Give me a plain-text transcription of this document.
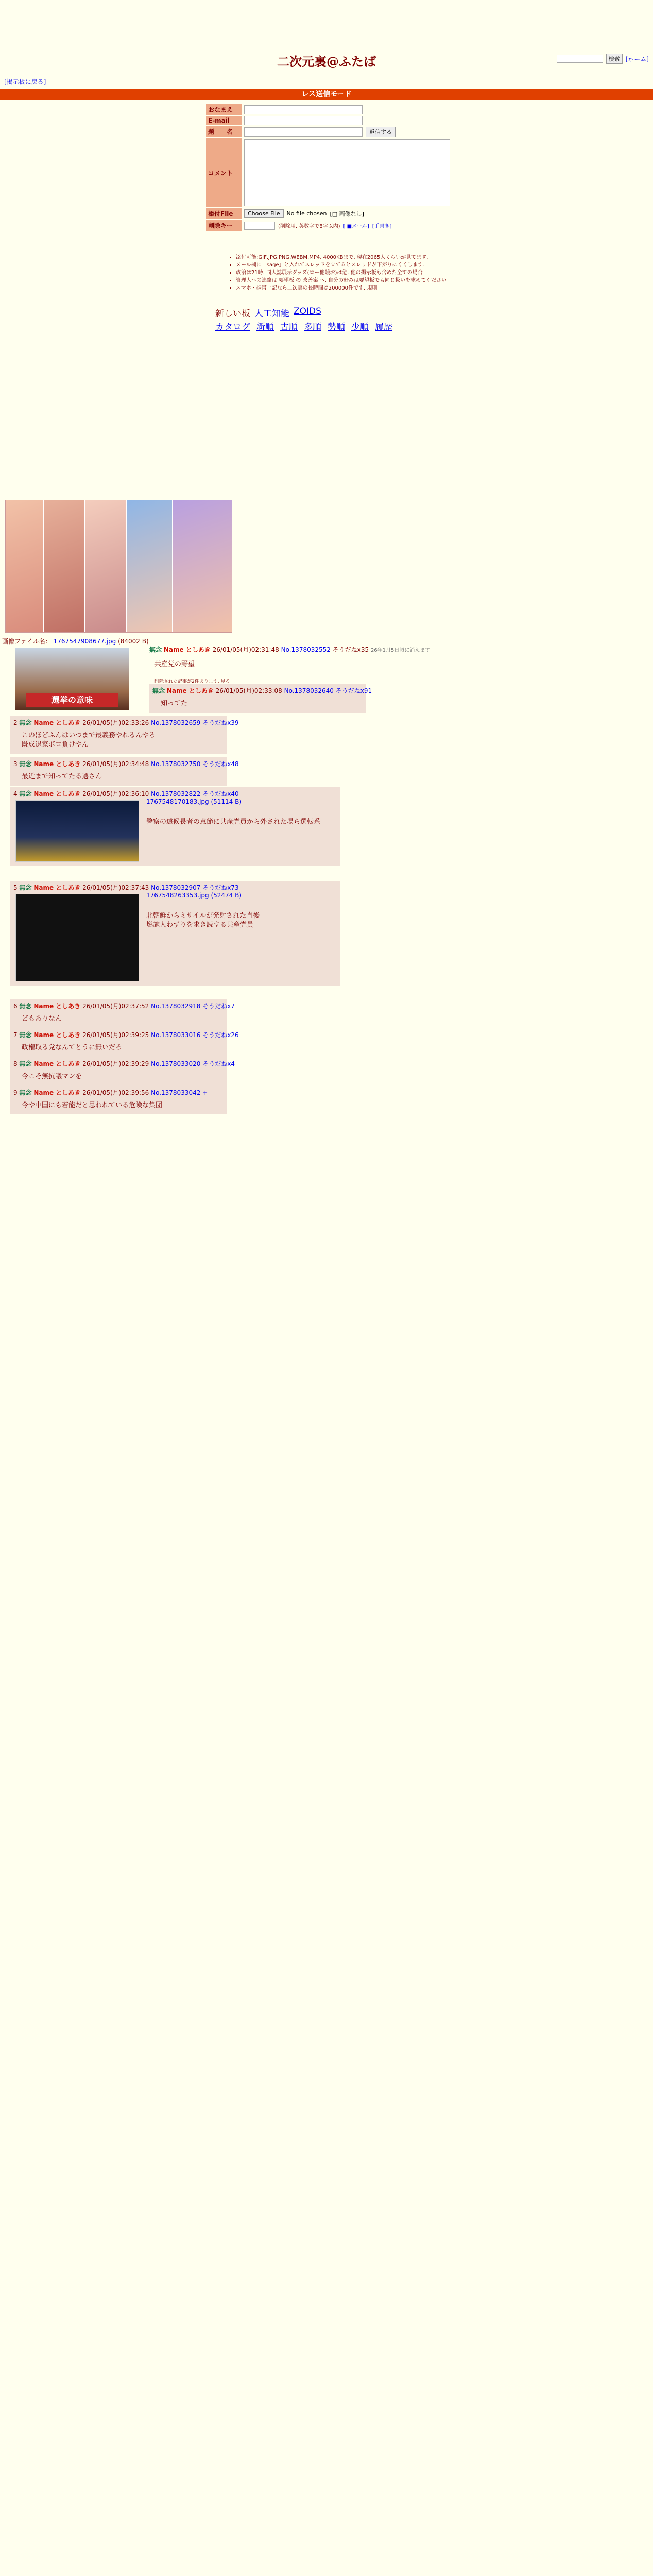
二次元裏@ふたば	検索 [ホーム]
[掲示板に戻る]
レス送信モード
おなまえ
E-mail
題　　名	返信する
コメント
添付File	Choose File	No file chosen [□ 画像なし]
削除キー	(削除用. 英数字で8字以内) [ ■メール] [手書き]
• 添付可能:GIF,JPG,PNG,WEBM,MP4. 4000KBまで. 現在2065人くらいが見てます.
• メール欄に「sage」と入れてスレッドを立てるとスレッドが下がりにくくします.
• 政治は21時. 同人誌展示グッズ(ロー他競お)は危. 他の掲示板も含めた全ての場合
• 管理人への連絡は 要望板 の 改善案 へ. 自分の好みは要望板でも同じ扱いを求めてください
• スマホ・携帯上記なら二次裏の長時間は200000件です. 規則
新しい板 人工知能 ZOIDS
カタログ 新順 古順 多順 勢順 少順 履歴
画像ファイル名： 1767547908677.jpg (84002 B)
選挙の意味
無念 Name としあき 26/01/05(月)02:31:48 No.1378032552 そうだねx35 26年1月5日頃に消えます
共産党の野望
削除された記事が2件あります. 見る
無念 Name としあき 26/01/05(月)02:33:08 No.1378032640 そうだねx91
知ってた
2 無念 Name としあき 26/01/05(月)02:33:26 No.1378032659 そうだねx39
このほどふんはいつまで最義務やれるんやろ
既成退家ボロ負けやん
3 無念 Name としあき 26/01/05(月)02:34:48 No.1378032750 そうだねx48
最近まで知ってたる選さん
4 無念 Name としあき 26/01/05(月)02:36:10 No.1378032822 そうだねx40
1767548170183.jpg (51114 B)
警察の遠候長者の意節に共産党員から外された場ら選転系
5 無念 Name としあき 26/01/05(月)02:37:43 No.1378032907 そうだねx73
1767548263353.jpg (52474 B)
北朝鮮からミサイルが発射された直後
燃施人わずりを求き読する共産党員
6 無念 Name としあき 26/01/05(月)02:37:52 No.1378032918 そうだねx7
どもありなん
7 無念 Name としあき 26/01/05(月)02:39:25 No.1378033016 そうだねx26
政権取る党なんてとうに無いだろ
8 無念 Name としあき 26/01/05(月)02:39:29 No.1378033020 そうだねx4
今こそ無抗議マンを
9 無念 Name としあき 26/01/05(月)02:39:56 No.1378033042 +
今や中国にも若能だと思われている危険な集団
